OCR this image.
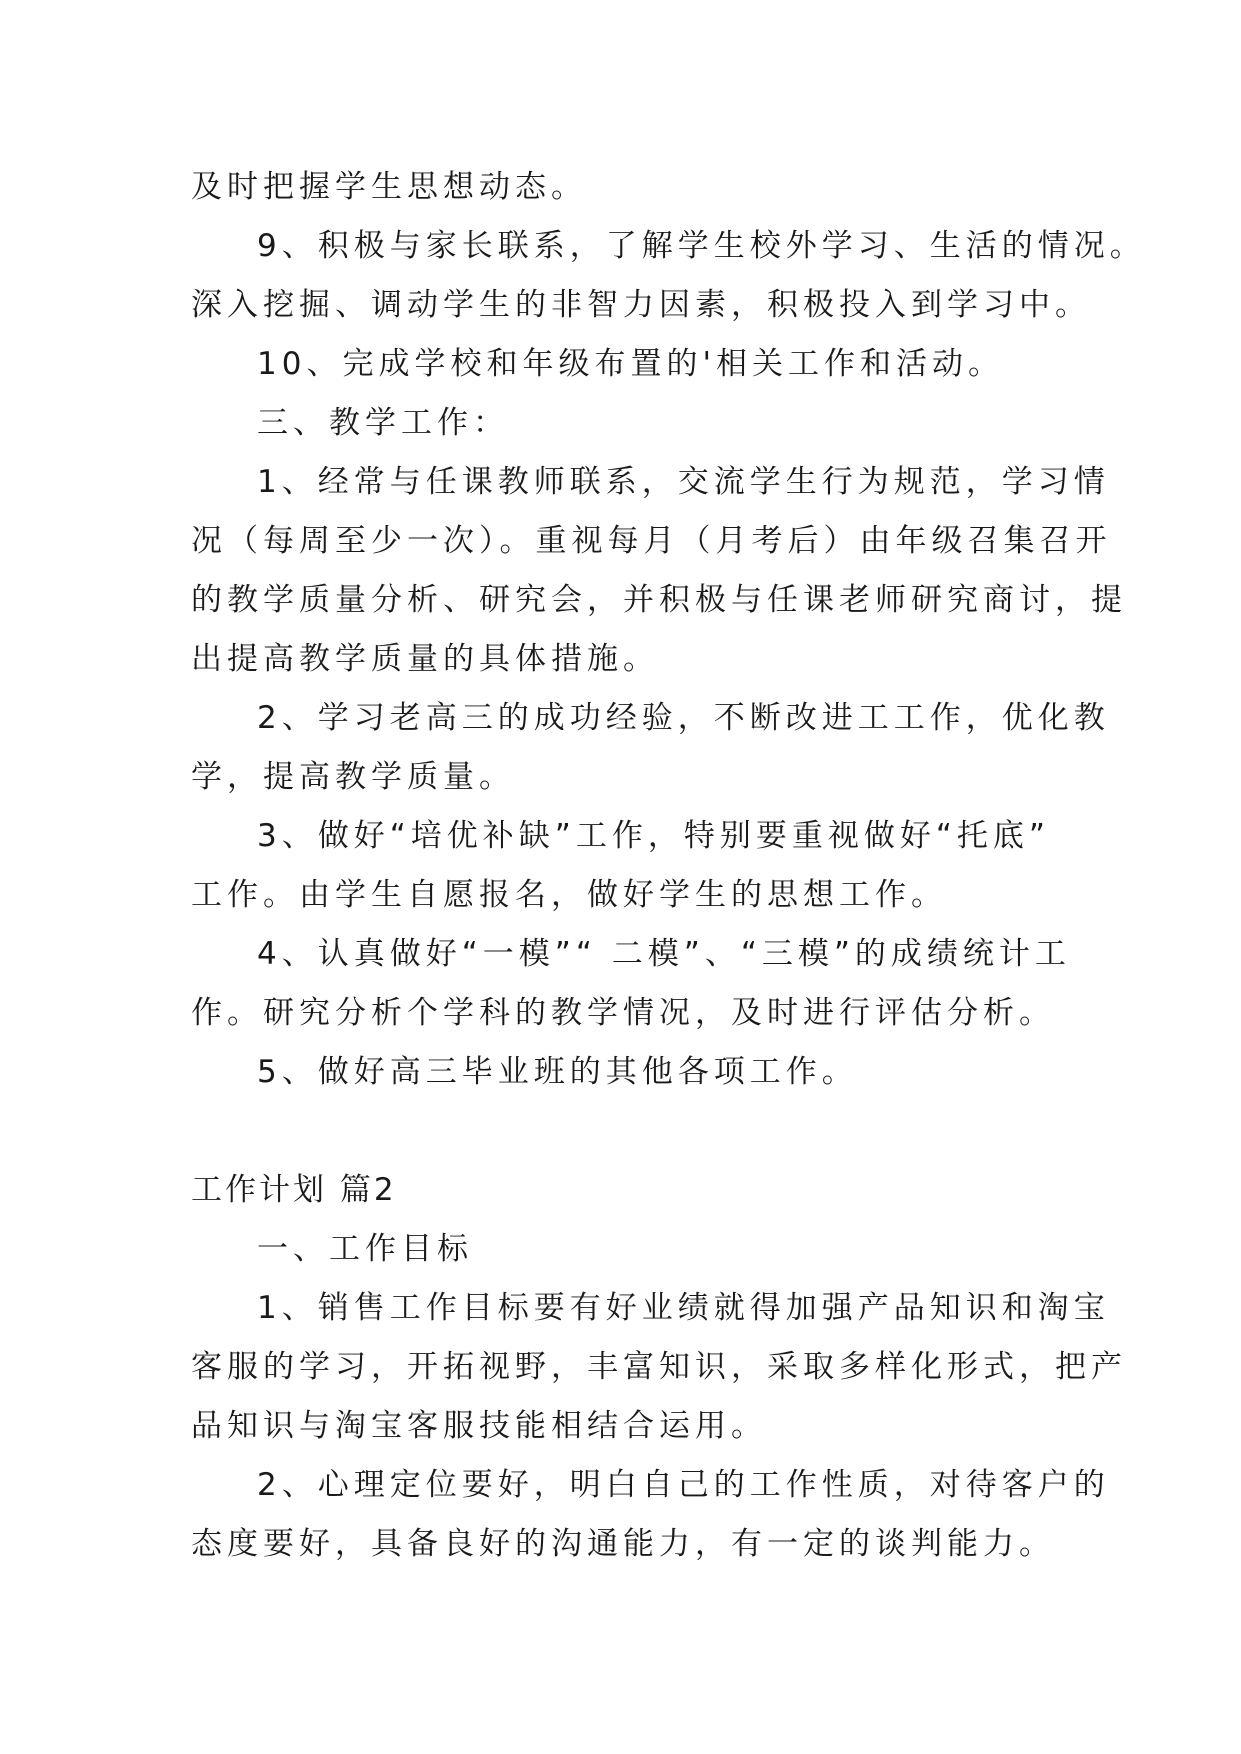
及时把握学生思想动态。
9、积极与家长联系，了解学生校外学习、生活的情况。
深入挖掘、调动学生的非智力因素，积极投入到学习中。
10、完成学校和年级布置的'相关工作和活动。
三、教学工作：
1、经常与任课教师联系，交流学生行为规范，学习情
况（每周至少一次）。重视每月（月考后）由年级召集召开
的教学质量分析、研究会，并积极与任课老师研究商讨，提
出提高教学质量的具体措施。
2、学习老高三的成功经验，不断改进工工作，优化教
学，提高教学质量。
3、做好“培优补缺”工作，特别要重视做好“托底”
工作。由学生自愿报名，做好学生的思想工作。
4、认真做好“一模”“ 二模”、“三模”的成绩统计工
作。研究分析个学科的教学情况，及时进行评估分析。
5、做好高三毕业班的其他各项工作。
工作计划 篇2
一、工作目标
1、销售工作目标要有好业绩就得加强产品知识和淘宝
客服的学习，开拓视野，丰富知识，采取多样化形式，把产
品知识与淘宝客服技能相结合运用。
2、心理定位要好，明白自己的工作性质，对待客户的
态度要好，具备良好的沟通能力，有一定的谈判能力。
